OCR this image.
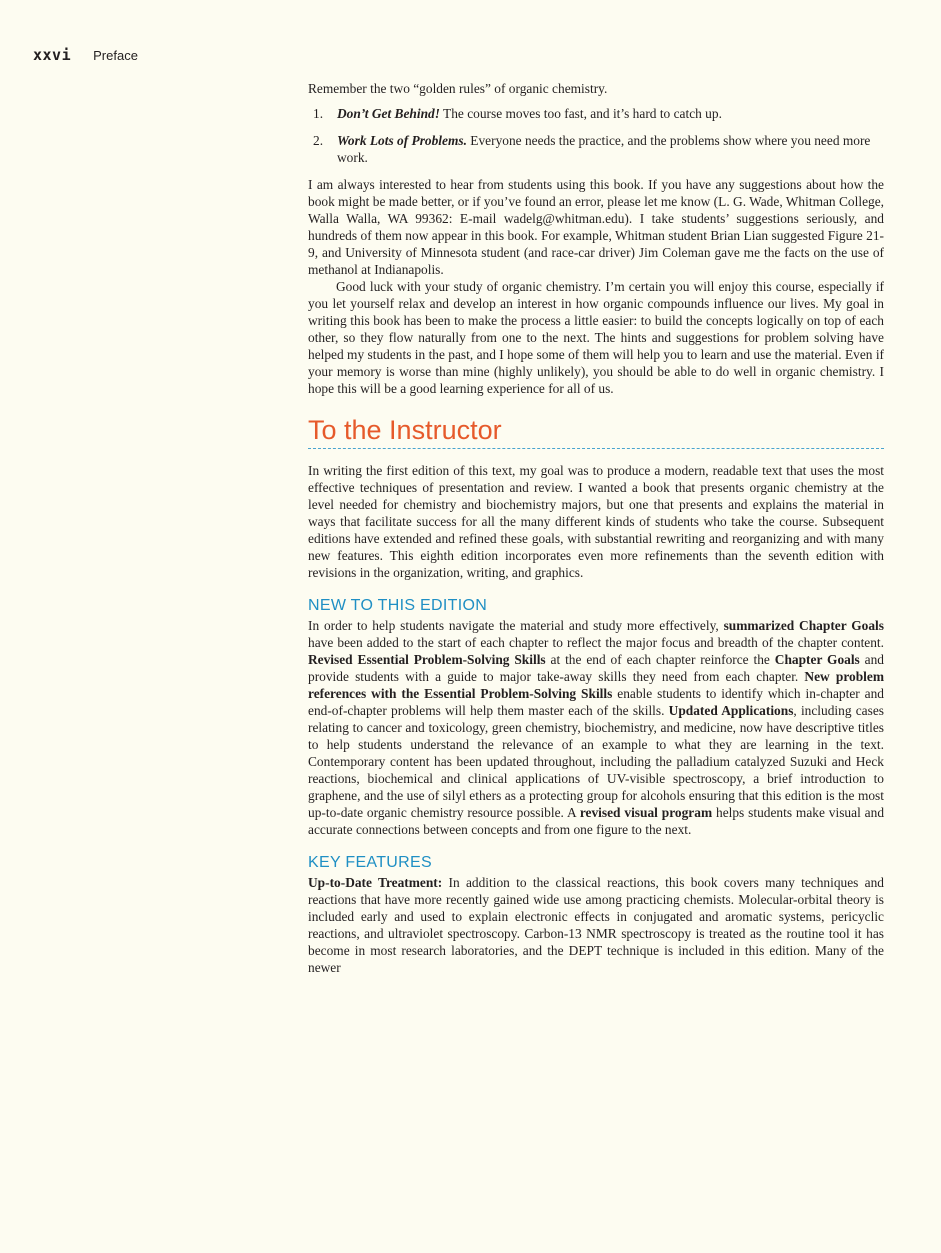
xxvi Preface

Remember the two “golden rules” of organic chemistry.

1. Don’t Get Behind! The course moves too fast, and it’s hard to catch up.
2. Work Lots of Problems. Everyone needs the practice, and the problems show where you need more work.

I am always interested to hear from students using this book. If you have any suggestions about how the book might be made better, or if you’ve found an error, please let me know (L. G. Wade, Whitman College, Walla Walla, WA 99362: E-mail wadelg@whitman.edu). I take students’ suggestions seriously, and hundreds of them now appear in this book. For example, Whitman student Brian Lian suggested Figure 21-9, and University of Minnesota student (and race-car driver) Jim Coleman gave me the facts on the use of methanol at Indianapolis.

Good luck with your study of organic chemistry. I’m certain you will enjoy this course, especially if you let yourself relax and develop an interest in how organic compounds influence our lives. My goal in writing this book has been to make the process a little easier: to build the concepts logically on top of each other, so they flow naturally from one to the next. The hints and suggestions for problem solving have helped my students in the past, and I hope some of them will help you to learn and use the material. Even if your memory is worse than mine (highly unlikely), you should be able to do well in organic chemistry. I hope this will be a good learning experience for all of us.

To the Instructor

In writing the first edition of this text, my goal was to produce a modern, readable text that uses the most effective techniques of presentation and review. I wanted a book that presents organic chemistry at the level needed for chemistry and biochemistry majors, but one that presents and explains the material in ways that facilitate success for all the many different kinds of students who take the course. Subsequent editions have extended and refined these goals, with substantial rewriting and reorganizing and with many new features. This eighth edition incorporates even more refinements than the seventh edition with revisions in the organization, writing, and graphics.

NEW TO THIS EDITION

In order to help students navigate the material and study more effectively, summarized Chapter Goals have been added to the start of each chapter to reflect the major focus and breadth of the chapter content. Revised Essential Problem-Solving Skills at the end of each chapter reinforce the Chapter Goals and provide students with a guide to major take-away skills they need from each chapter. New problem references with the Essential Problem-Solving Skills enable students to identify which in-chapter and end-of-chapter problems will help them master each of the skills. Updated Applications, including cases relating to cancer and toxicology, green chemistry, biochemistry, and medicine, now have descriptive titles to help students understand the relevance of an example to what they are learning in the text. Contemporary content has been updated throughout, including the palladium catalyzed Suzuki and Heck reactions, biochemical and clinical applications of UV-visible spectroscopy, a brief introduction to graphene, and the use of silyl ethers as a protecting group for alcohols ensuring that this edition is the most up-to-date organic chemistry resource possible. A revised visual program helps students make visual and accurate connections between concepts and from one figure to the next.

KEY FEATURES

Up-to-Date Treatment: In addition to the classical reactions, this book covers many techniques and reactions that have more recently gained wide use among practicing chemists. Molecular-orbital theory is included early and used to explain electronic effects in conjugated and aromatic systems, pericyclic reactions, and ultraviolet spectroscopy. Carbon-13 NMR spectroscopy is treated as the routine tool it has become in most research laboratories, and the DEPT technique is included in this edition. Many of the newer
